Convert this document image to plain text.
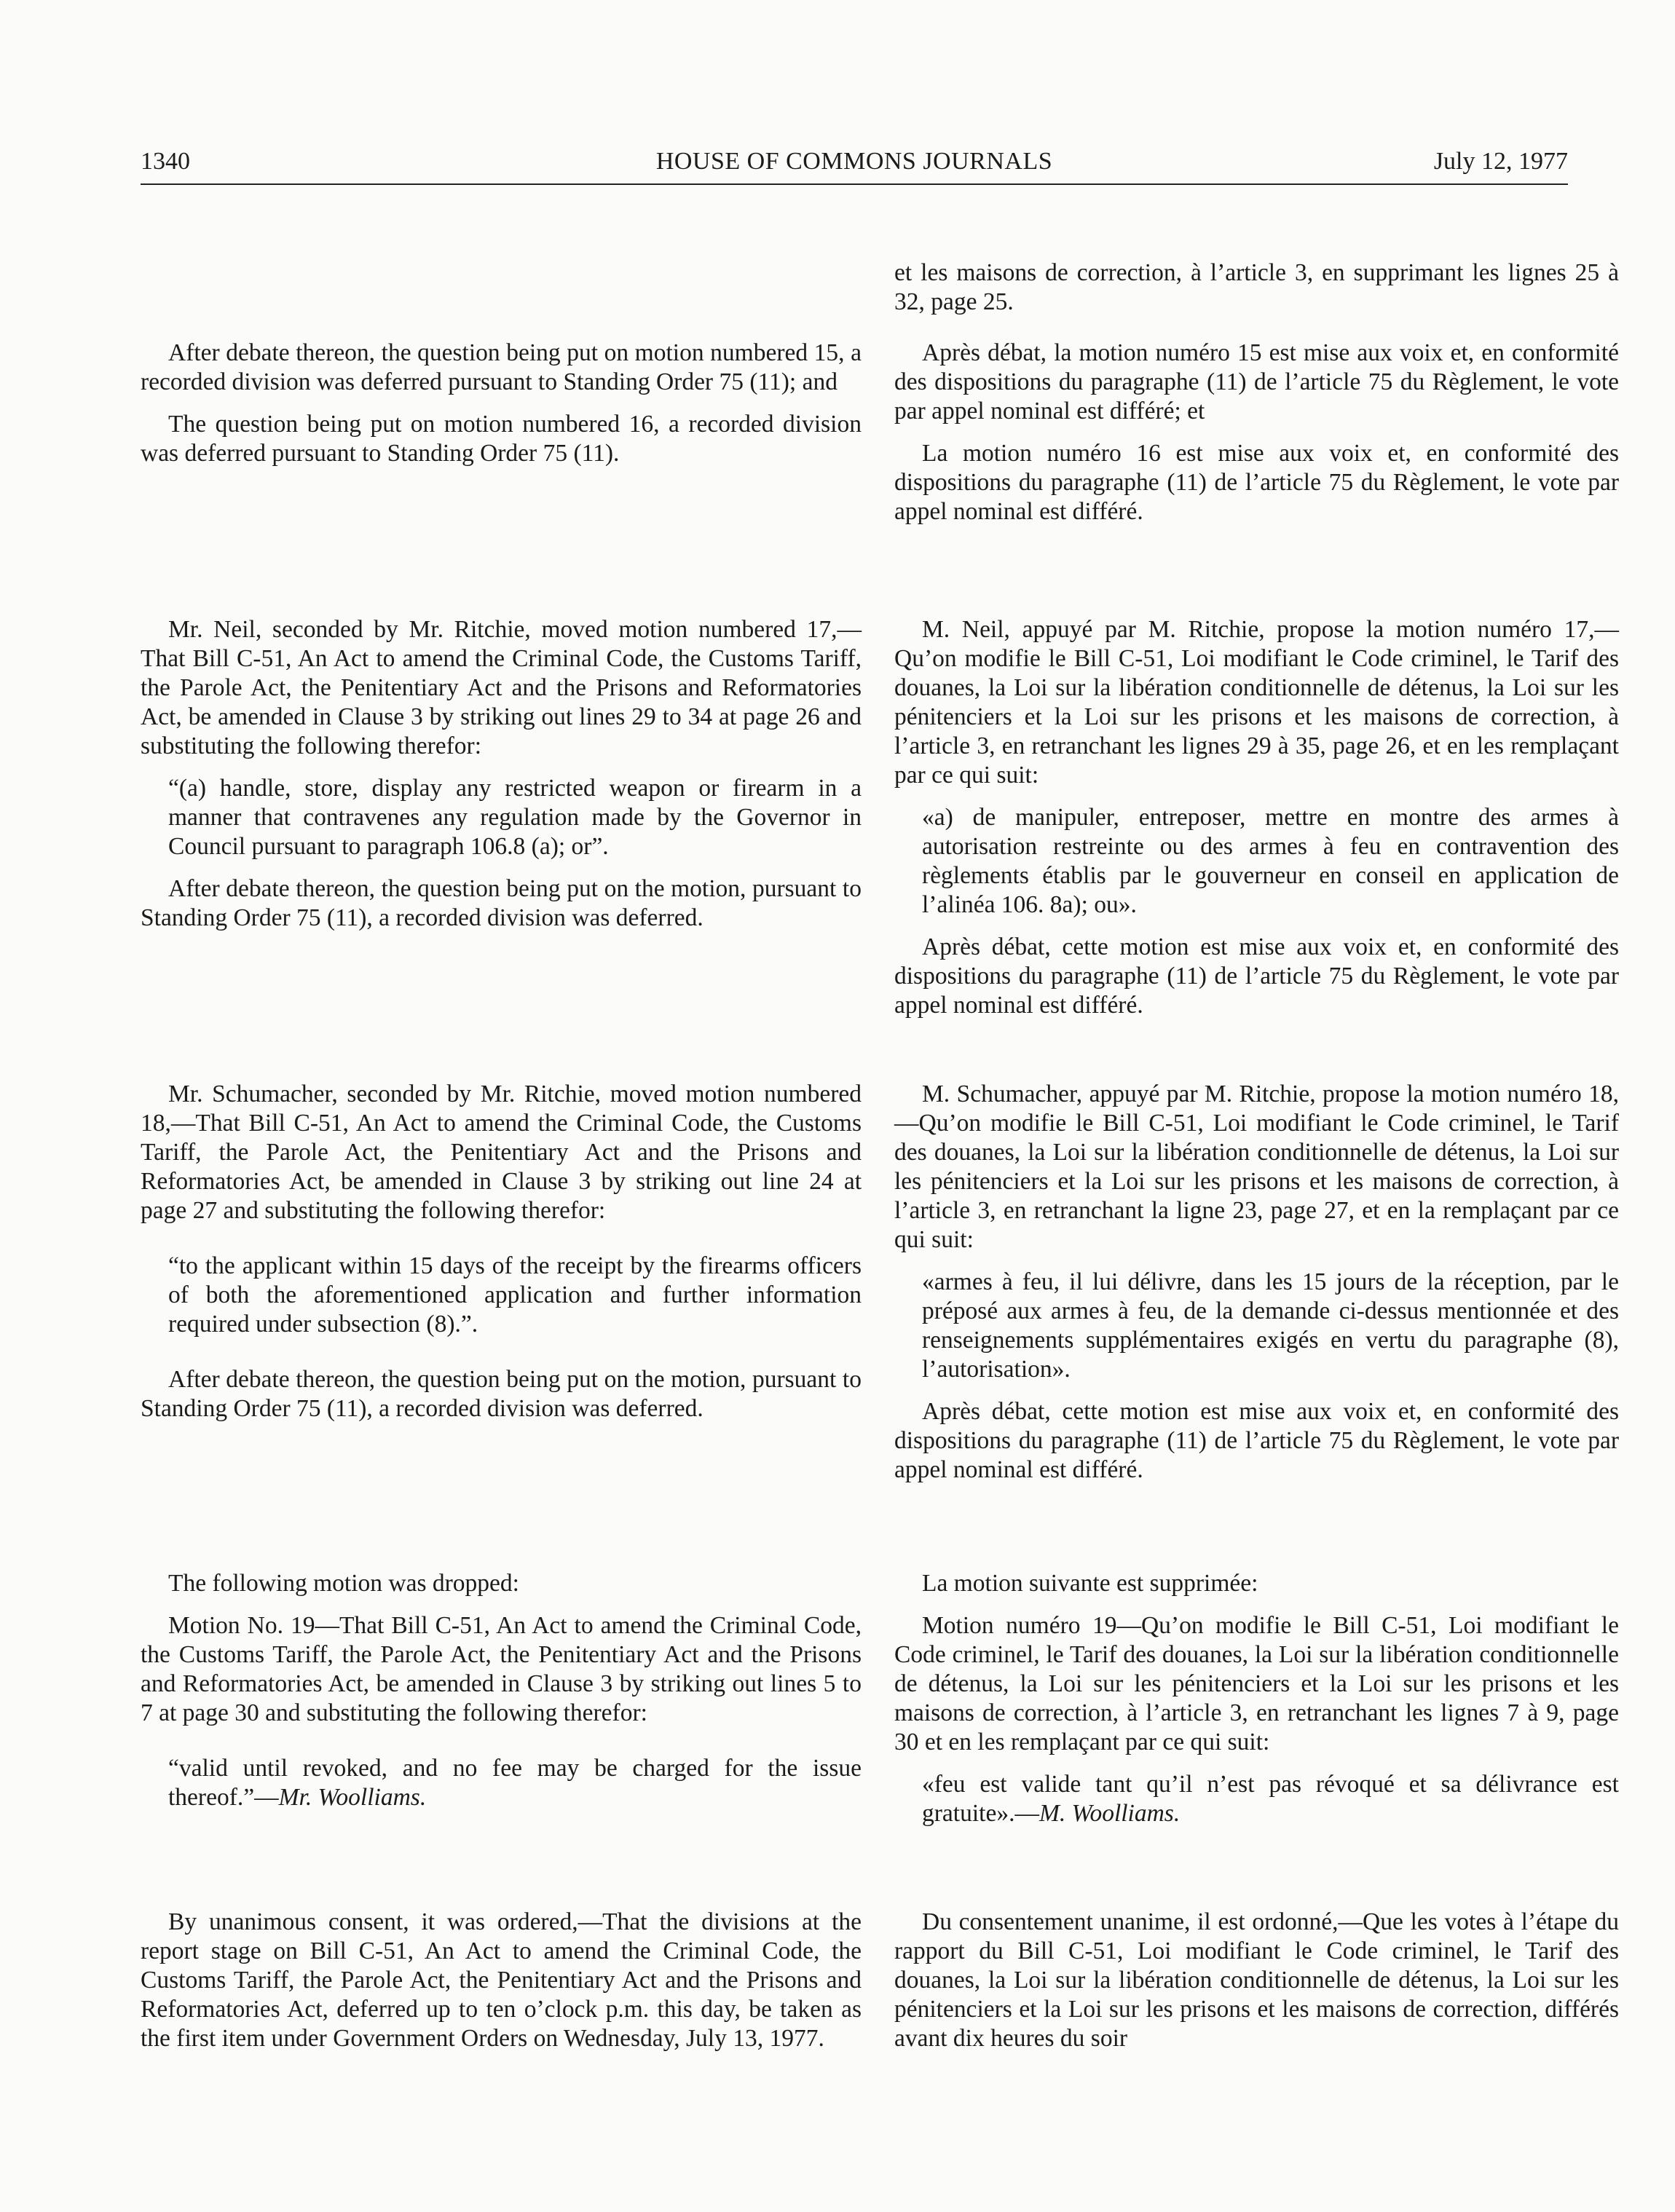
1340	HOUSE OF COMMONS JOURNALS	July 12, 1977

et les maisons de correction, à l’article 3, en supprimant les lignes 25 à 32, page 25.

After debate thereon, the question being put on motion numbered 15, a recorded division was deferred pursuant to Standing Order 75 (11); and

The question being put on motion numbered 16, a recorded division was deferred pursuant to Standing Order 75 (11).

Après débat, la motion numéro 15 est mise aux voix et, en conformité des dispositions du paragraphe (11) de l’article 75 du Règlement, le vote par appel nominal est différé; et

La motion numéro 16 est mise aux voix et, en conformité des dispositions du paragraphe (11) de l’article 75 du Règlement, le vote par appel nominal est différé.

Mr. Neil, seconded by Mr. Ritchie, moved motion numbered 17,—That Bill C-51, An Act to amend the Criminal Code, the Customs Tariff, the Parole Act, the Penitentiary Act and the Prisons and Reformatories Act, be amended in Clause 3 by striking out lines 29 to 34 at page 26 and substituting the following therefor:

“(a) handle, store, display any restricted weapon or firearm in a manner that contravenes any regulation made by the Governor in Council pursuant to paragraph 106.8 (a); or”.

After debate thereon, the question being put on the motion, pursuant to Standing Order 75 (11), a recorded division was deferred.

M. Neil, appuyé par M. Ritchie, propose la motion numéro 17,—Qu’on modifie le Bill C-51, Loi modifiant le Code criminel, le Tarif des douanes, la Loi sur la libération conditionnelle de détenus, la Loi sur les pénitenciers et la Loi sur les prisons et les maisons de correction, à l’article 3, en retranchant les lignes 29 à 35, page 26, et en les remplaçant par ce qui suit:

«a) de manipuler, entreposer, mettre en montre des armes à autorisation restreinte ou des armes à feu en contravention des règlements établis par le gouverneur en conseil en application de l’alinéa 106. 8a); ou».

Après débat, cette motion est mise aux voix et, en conformité des dispositions du paragraphe (11) de l’article 75 du Règlement, le vote par appel nominal est différé.

Mr. Schumacher, seconded by Mr. Ritchie, moved motion numbered 18,—That Bill C-51, An Act to amend the Criminal Code, the Customs Tariff, the Parole Act, the Penitentiary Act and the Prisons and Reformatories Act, be amended in Clause 3 by striking out line 24 at page 27 and substituting the following therefor:

“to the applicant within 15 days of the receipt by the firearms officers of both the aforementioned application and further information required under subsection (8).”.

After debate thereon, the question being put on the motion, pursuant to Standing Order 75 (11), a recorded division was deferred.

M. Schumacher, appuyé par M. Ritchie, propose la motion numéro 18,—Qu’on modifie le Bill C-51, Loi modifiant le Code criminel, le Tarif des douanes, la Loi sur la libération conditionnelle de détenus, la Loi sur les pénitenciers et la Loi sur les prisons et les maisons de correction, à l’article 3, en retranchant la ligne 23, page 27, et en la remplaçant par ce qui suit:

«armes à feu, il lui délivre, dans les 15 jours de la réception, par le préposé aux armes à feu, de la demande ci-dessus mentionnée et des renseignements supplémentaires exigés en vertu du paragraphe (8), l’autorisation».

Après débat, cette motion est mise aux voix et, en conformité des dispositions du paragraphe (11) de l’article 75 du Règlement, le vote par appel nominal est différé.

The following motion was dropped:

Motion No. 19—That Bill C-51, An Act to amend the Criminal Code, the Customs Tariff, the Parole Act, the Penitentiary Act and the Prisons and Reformatories Act, be amended in Clause 3 by striking out lines 5 to 7 at page 30 and substituting the following therefor:

“valid until revoked, and no fee may be charged for the issue thereof.”—Mr. Woolliams.

La motion suivante est supprimée:

Motion numéro 19—Qu’on modifie le Bill C-51, Loi modifiant le Code criminel, le Tarif des douanes, la Loi sur la libération conditionnelle de détenus, la Loi sur les pénitenciers et la Loi sur les prisons et les maisons de correction, à l’article 3, en retranchant les lignes 7 à 9, page 30 et en les remplaçant par ce qui suit:

«feu est valide tant qu’il n’est pas révoqué et sa délivrance est gratuite».—M. Woolliams.

By unanimous consent, it was ordered,—That the divisions at the report stage on Bill C-51, An Act to amend the Criminal Code, the Customs Tariff, the Parole Act, the Penitentiary Act and the Prisons and Reformatories Act, deferred up to ten o’clock p.m. this day, be taken as the first item under Government Orders on Wednesday, July 13, 1977.

Du consentement unanime, il est ordonné,—Que les votes à l’étape du rapport du Bill C-51, Loi modifiant le Code criminel, le Tarif des douanes, la Loi sur la libération conditionnelle de détenus, la Loi sur les pénitenciers et la Loi sur les prisons et les maisons de correction, différés avant dix heures du soir
